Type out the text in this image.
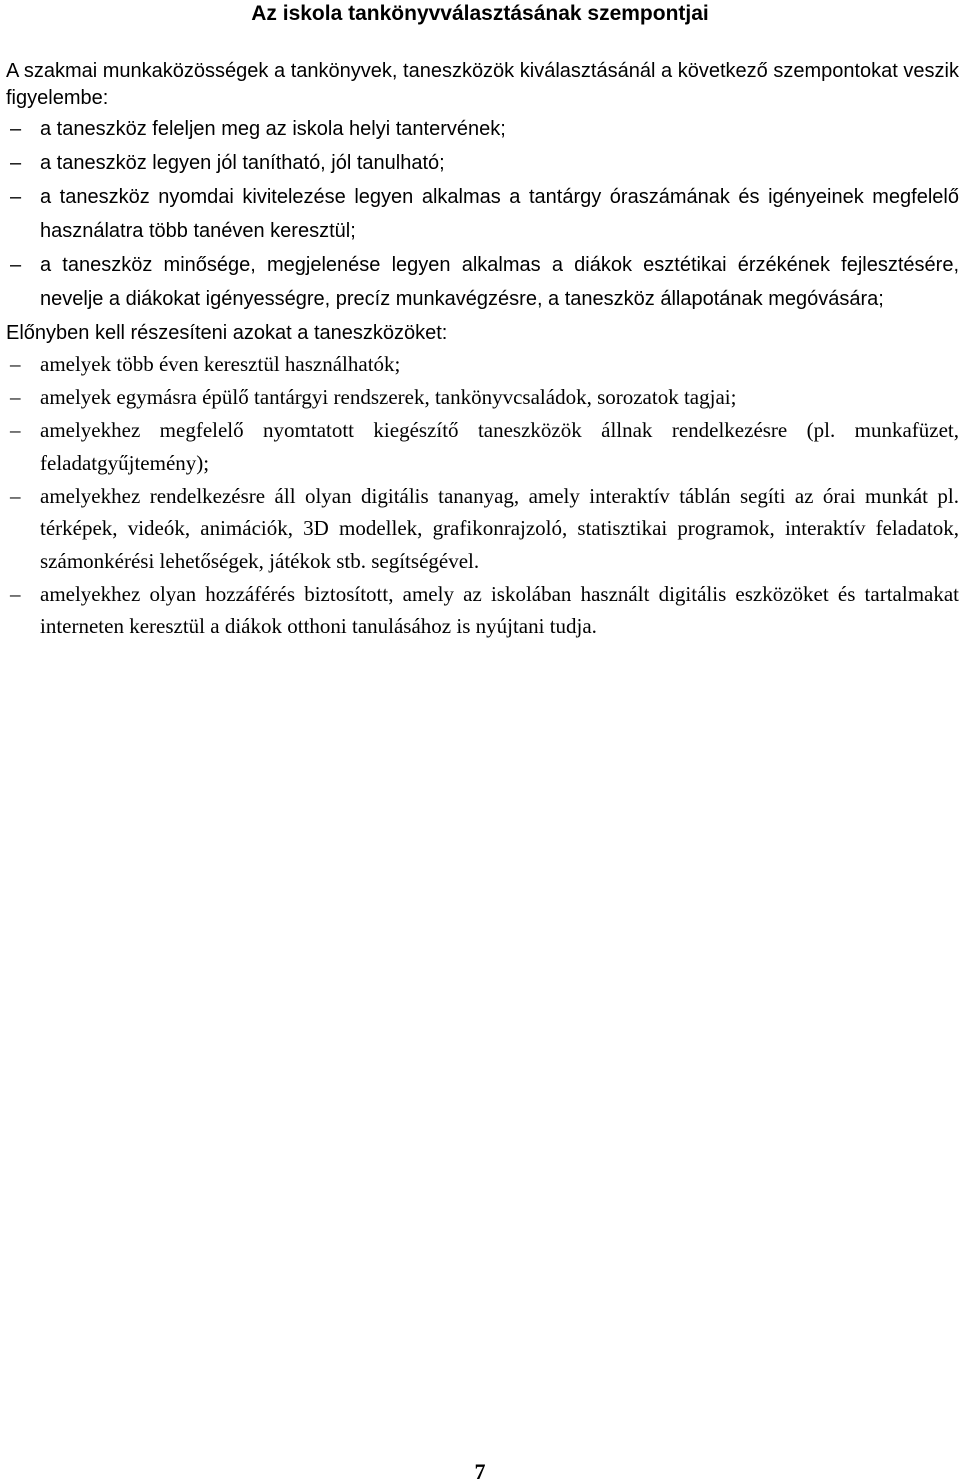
Az iskola tankönyvválasztásának szempontjai

A szakmai munkaközösségek a tankönyvek, taneszközök kiválasztásánál a következő szempontokat veszik figyelembe:

– a taneszköz feleljen meg az iskola helyi tantervének;
– a taneszköz legyen jól tanítható, jól tanulható;
– a taneszköz nyomdai kivitelezése legyen alkalmas a tantárgy óraszámának és igényeinek megfelelő használatra több tanéven keresztül;
– a taneszköz minősége, megjelenése legyen alkalmas a diákok esztétikai érzékének fejlesztésére, nevelje a diákokat igényességre, precíz munkavégzésre, a taneszköz állapotának megóvására;

Előnyben kell részesíteni azokat a taneszközöket:

– amelyek több éven keresztül használhatók;
– amelyek egymásra épülő tantárgyi rendszerek, tankönyvcsaládok, sorozatok tagjai;
– amelyekhez megfelelő nyomtatott kiegészítő taneszközök állnak rendelkezésre (pl. munkafüzet, feladatgyűjtemény);
– amelyekhez rendelkezésre áll olyan digitális tananyag, amely interaktív táblán segíti az órai munkát pl. térképek, videók, animációk, 3D modellek, grafikonrajzoló, statisztikai programok, interaktív feladatok, számonkérési lehetőségek, játékok stb. segítségével.
– amelyekhez olyan hozzáférés biztosított, amely az iskolában használt digitális eszközöket és tartalmakat interneten keresztül a diákok otthoni tanulásához is nyújtani tudja.
7
